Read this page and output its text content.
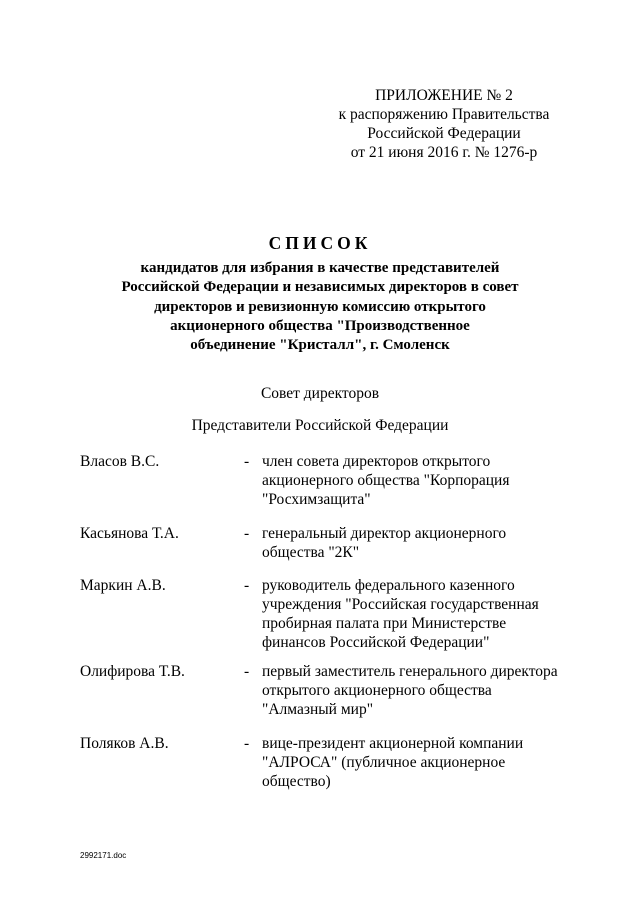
ПРИЛОЖЕНИЕ № 2
к распоряжению Правительства
Российской Федерации
от 21 июня 2016 г. № 1276-р
СПИСОК
кандидатов для избрания в качестве представителей
Российской Федерации и независимых директоров в совет
директоров и ревизионную комиссию открытого
акционерного общества "Производственное
объединение "Кристалл", г. Смоленск
Совет директоров
Представители Российской Федерации
Власов В.С.	- член совета директоров открытого
акционерного общества "Корпорация
"Росхимзащита"
Касьянова Т.А.	- генеральный директор акционерного
общества "2К"
Маркин А.В.	- руководитель федерального казенного
учреждения "Российская государственная
пробирная палата при Министерстве
финансов Российской Федерации"
Олифирова Т.В.	- первый заместитель генерального директора
открытого акционерного общества
"Алмазный мир"
Поляков А.В.	- вице-президент акционерной компании
"АЛРОСА" (публичное акционерное
общество)
2992171.doc
